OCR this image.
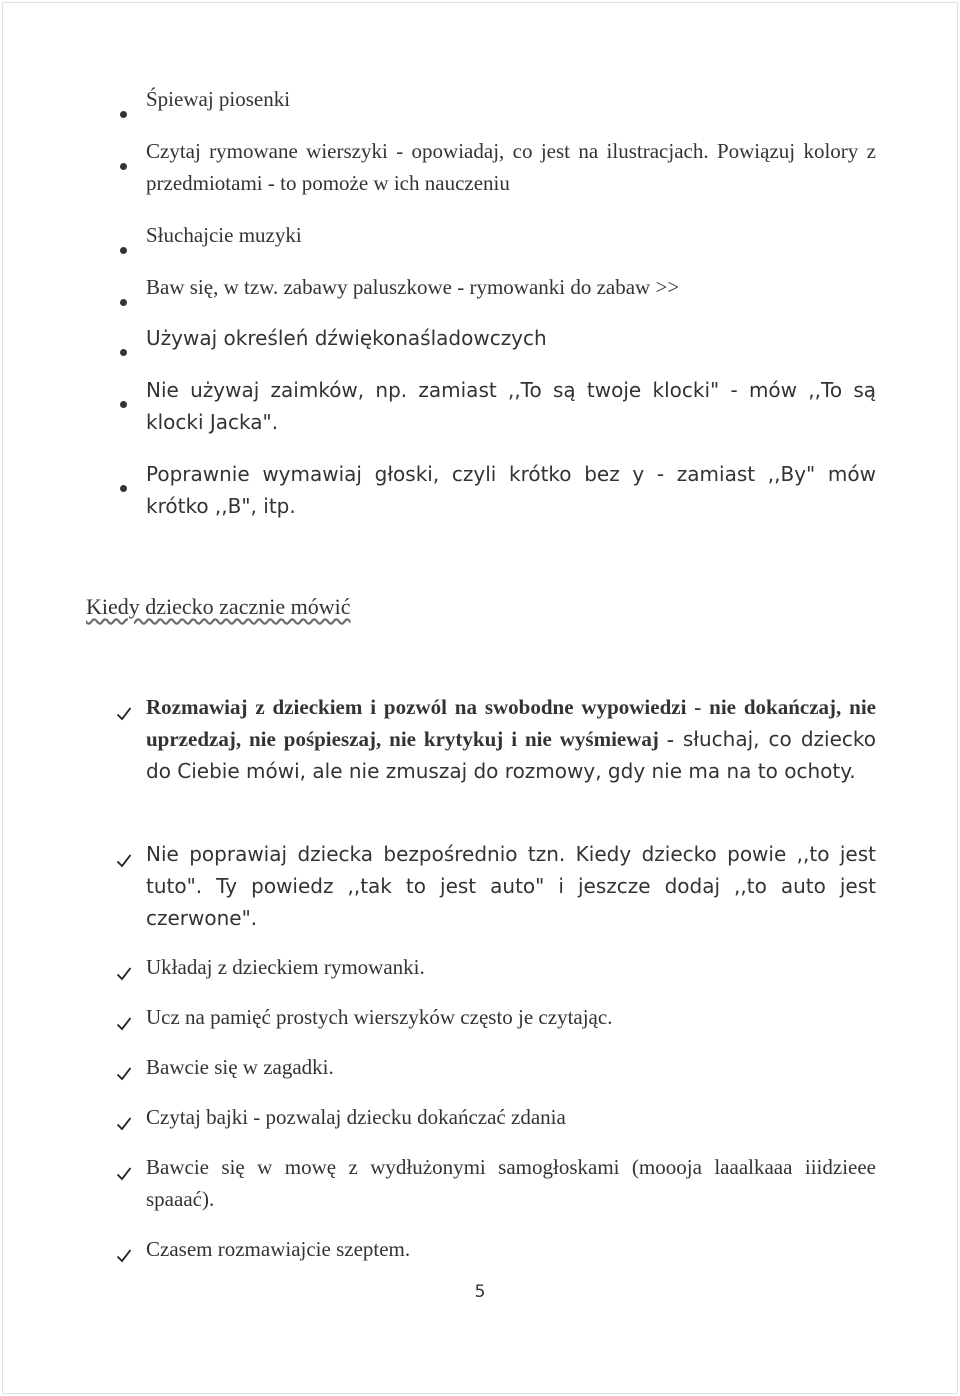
Śpiewaj piosenki
Czytaj rymowane wierszyki - opowiadaj, co jest na ilustracjach. Powiązuj kolory z przedmiotami - to pomoże w ich nauczeniu
Słuchajcie muzyki
Baw się, w tzw. zabawy paluszkowe - rymowanki do zabaw >>
Używaj określeń dźwiękonaśladowczych
Nie używaj zaimków, np. zamiast ,,To są twoje klocki" - mów ,,To są klocki Jacka".
Poprawnie wymawiaj głoski, czyli krótko bez y - zamiast ,,By" mów krótko ,,B", itp.
Kiedy dziecko zacznie mówić
Rozmawiaj z dzieckiem i pozwól na swobodne wypowiedzi - nie dokańczaj, nie uprzedzaj, nie pośpieszaj, nie krytykuj i nie wyśmiewaj - słuchaj, co dziecko do Ciebie mówi, ale nie zmuszaj do rozmowy, gdy nie ma na to ochoty.
Nie poprawiaj dziecka bezpośrednio tzn. Kiedy dziecko powie ,,to jest tuto". Ty powiedz ,,tak to jest auto" i jeszcze dodaj ,,to auto jest czerwone".
Układaj z dzieckiem rymowanki.
Ucz na pamięć prostych wierszyków często je czytając.
Bawcie się w zagadki.
Czytaj bajki - pozwalaj dziecku dokańczać zdania
Bawcie się w mowę z wydłużonymi samogłoskami (moooja laaalkaaa iiidzieee spaaać).
Czasem rozmawiajcie szeptem.
5
